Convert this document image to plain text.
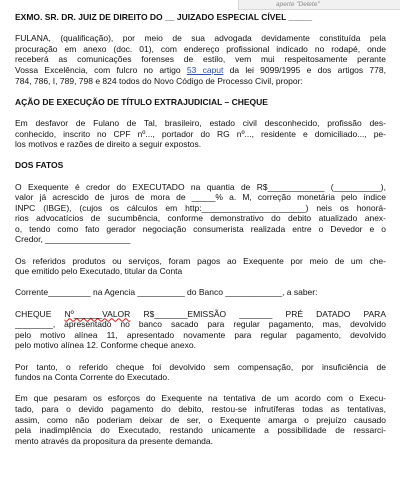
aperte "Delete"
EXMO. SR. DR. JUIZ DE DIREITO DO __ JUIZADO ESPECIAL CÍVEL _____
FULANA, (qualificação), por meio de sua advogada devidamente constituída pela
procuração em anexo (doc. 01), com endereço profissional indicado no rodapé, onde
receberá as comunicações forenses de estilo, vem mui respeitosamente perante
Vossa Excelência, com fulcro no artigo 53 caput da lei 9099/1995 e dos artigos 778,
784, 786, I, 789, 798 e 824 todos do Novo Código de Processo Civil, propor:
AÇÃO DE EXECUÇÃO DE TÍTULO EXTRAJUDICIAL – CHEQUE
Em desfavor de Fulano de Tal, brasileiro, estado civil desconhecido, profissão des-
conhecido, inscrito no CPF nº..., portador do RG nº..., residente e domiciliado..., pe-
los motivos e razões de direito a seguir expostos.
DOS FATOS
O Exequente é credor do EXECUTADO na quantia de R$____________ (__________),
valor já acrescido de juros de mora de _____% a. M, correção monetária pelo índice
INPC (IBGE), (cujos os cálculos em http:______________________) neis os honorá-
rios advocatícios de sucumbência, conforme demonstrativo do debito atualizado anex-
o, tendo como fato gerador negociação consumerista realizada entre o Devedor e o
Credor, __________________
Os referidos produtos ou serviços, foram pagos ao Exequente por meio de um che-
que emitido pelo Executado, titular da Conta
Corrente_________ na Agencia __________ do Banco ____________, a saber:
CHEQUE Nº______VALOR R$_______EMISSÃO _______ PRÉ DATADO PARA
________, apresentado no banco sacado para regular pagamento, mas, devolvido
pelo motivo alínea 11, apresentado novamente para regular pagamento, devolvido
pelo motivo alínea 12. Conforme cheque anexo.
Por tanto, o referido cheque foi devolvido sem compensação, por insuficiência de
fundos na Conta Corrente do Executado.
Em que pesaram os esforços do Exequente na tentativa de um acordo com o Execu-
tado, para o devido pagamento do debito, restou-se infrutíferas todas as tentativas,
assim, como não poderiam deixar de ser, o Exequente amarga o prejuízo causado
pela inadimplência do Executado, restando unicamente a possibilidade de ressarci-
mento através da propositura da presente demanda.
